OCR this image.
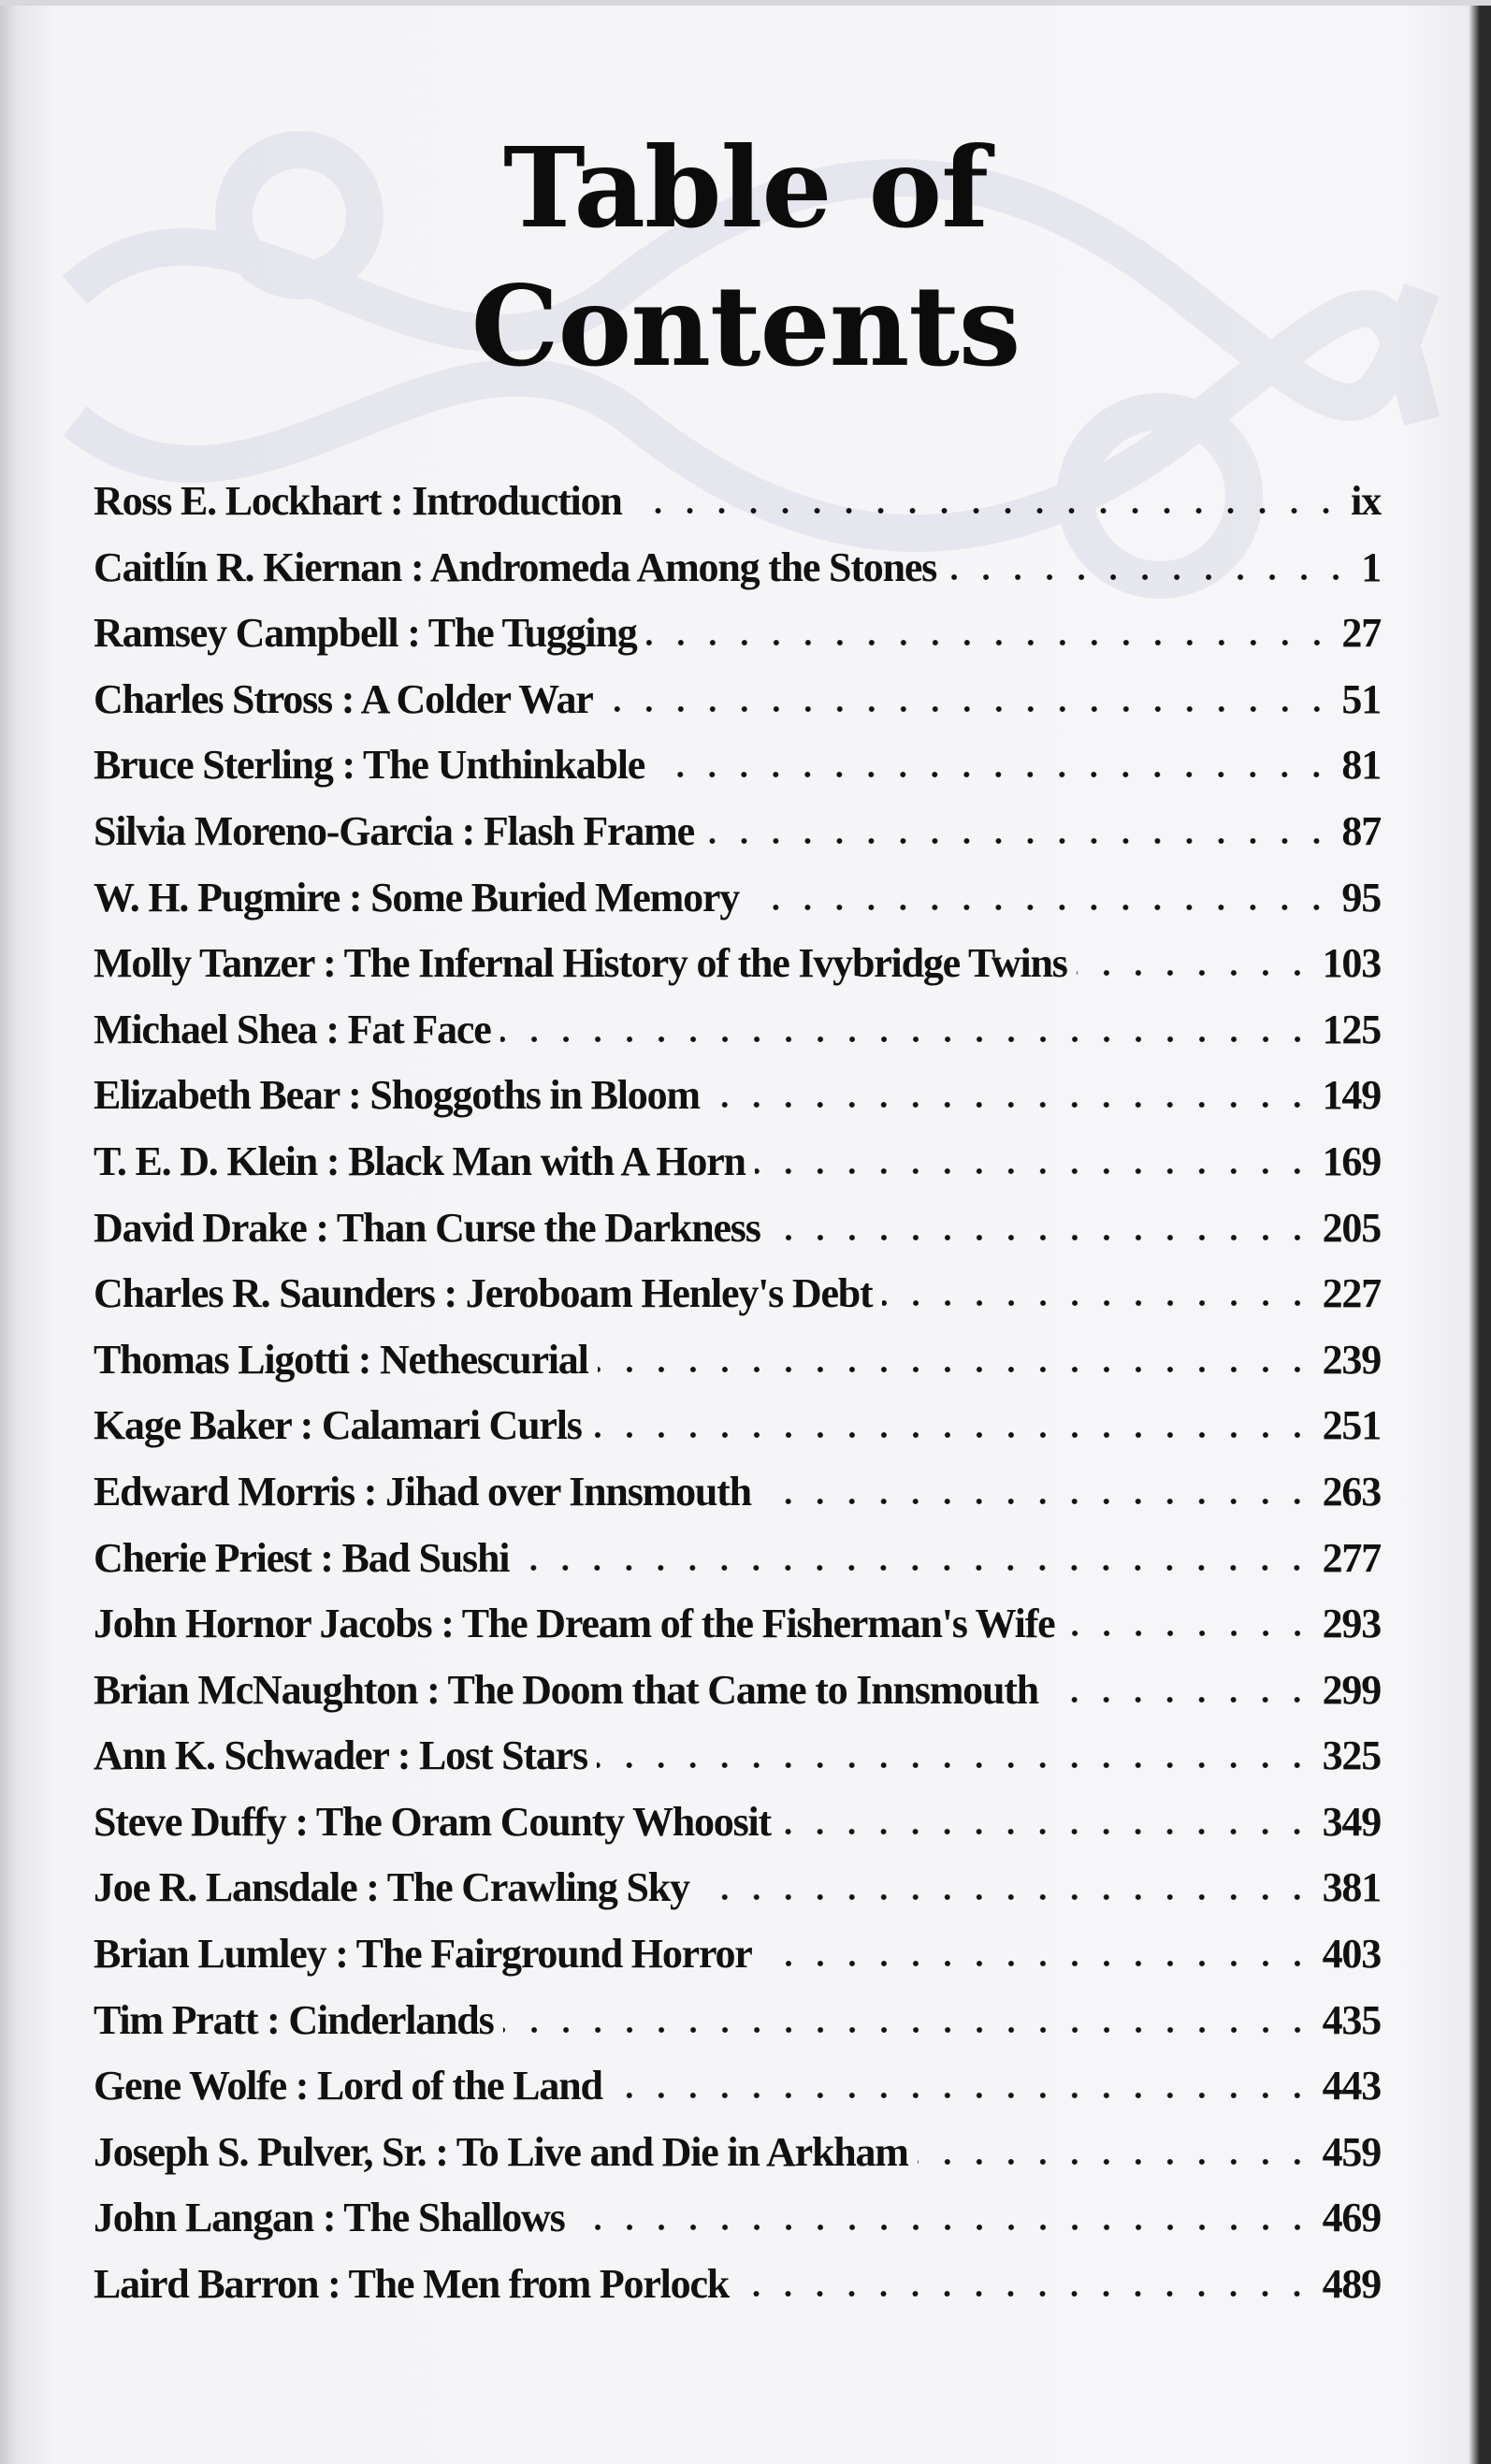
Table of
Contents
Ross E. Lockhart : Introduction	ix
Caitlín R. Kiernan : Andromeda Among the Stones	1
Ramsey Campbell : The Tugging	27
Charles Stross : A Colder War	51
Bruce Sterling : The Unthinkable	81
Silvia Moreno-Garcia : Flash Frame	87
W. H. Pugmire : Some Buried Memory	95
Molly Tanzer : The Infernal History of the Ivybridge Twins	103
Michael Shea : Fat Face	125
Elizabeth Bear : Shoggoths in Bloom	149
T. E. D. Klein : Black Man with A Horn	169
David Drake : Than Curse the Darkness	205
Charles R. Saunders : Jeroboam Henley's Debt	227
Thomas Ligotti : Nethescurial	239
Kage Baker : Calamari Curls	251
Edward Morris : Jihad over Innsmouth	263
Cherie Priest : Bad Sushi	277
John Hornor Jacobs : The Dream of the Fisherman's Wife	293
Brian McNaughton : The Doom that Came to Innsmouth	299
Ann K. Schwader : Lost Stars	325
Steve Duffy : The Oram County Whoosit	349
Joe R. Lansdale : The Crawling Sky	381
Brian Lumley : The Fairground Horror	403
Tim Pratt : Cinderlands	435
Gene Wolfe : Lord of the Land	443
Joseph S. Pulver, Sr. : To Live and Die in Arkham	459
John Langan : The Shallows	469
Laird Barron : The Men from Porlock	489
